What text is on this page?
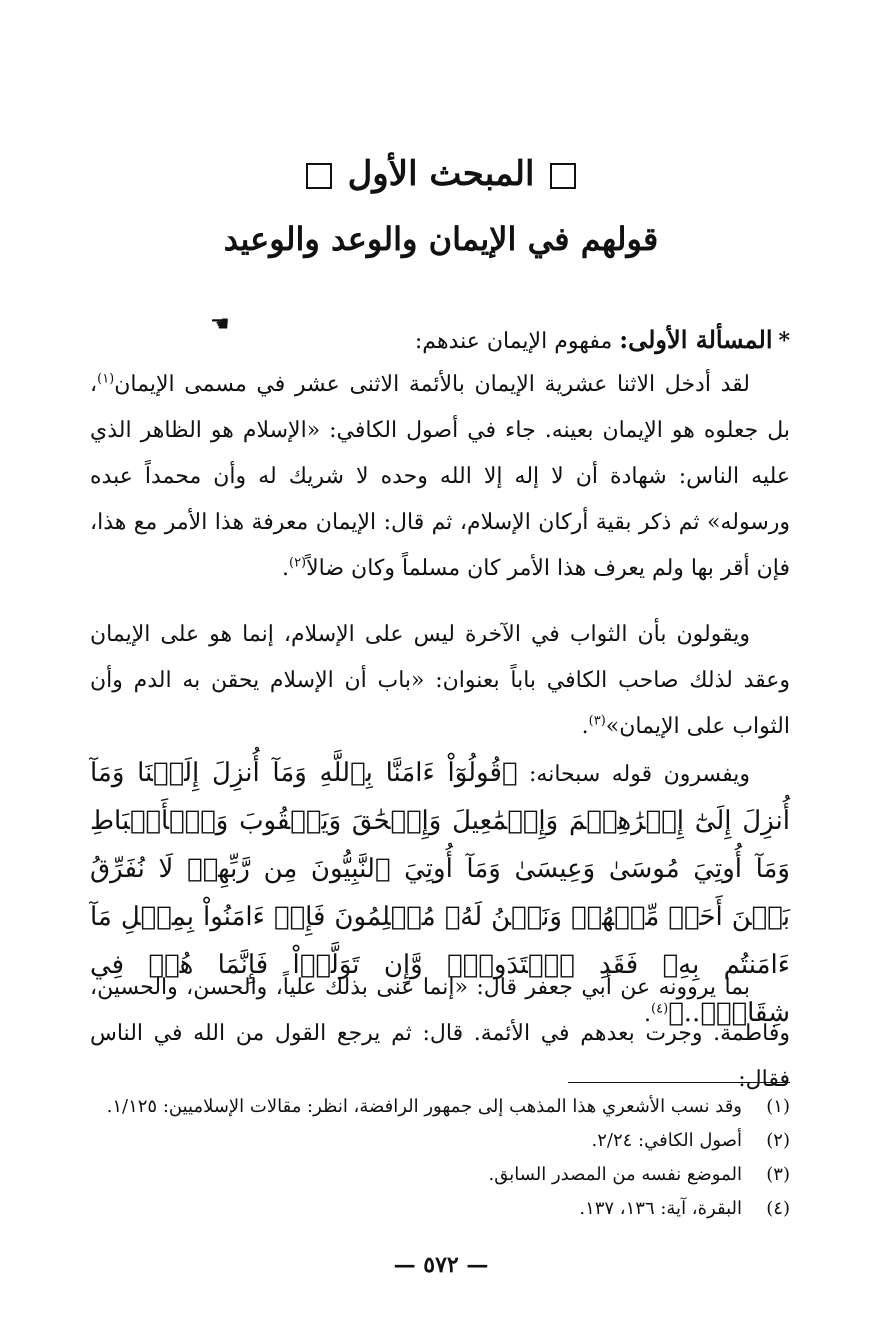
المبحث الأول
قولهم في الإيمان والوعد والوعيد
☛
*المسألة الأولى: مفهوم الإيمان عندهم:
لقد أدخل الاثنا عشرية الإيمان بالأئمة الاثنى عشر في مسمى الإيمان$^{(١)}$، بل جعلوه هو الإيمان بعينه. جاء في أصول الكافي: «الإسلام هو الظاهر الذي عليه الناس: شهادة أن لا إله إلا الله وحده لا شريك له وأن محمداً عبده ورسوله» ثم ذكر بقية أركان الإسلام، ثم قال: الإيمان معرفة هذا الأمر مع هذا، فإن أقر بها ولم يعرف هذا الأمر كان مسلماً وكان ضالاً$^{(٢)}$.
ويقولون بأن الثواب في الآخرة ليس على الإسلام، إنما هو على الإيمان وعقد لذلك صاحب الكافي باباً بعنوان: «باب أن الإسلام يحقن به الدم وأن الثواب على الإيمان»$^{(٣)}$.
ويفسرون قوله سبحانه: ﴿قُولُوٓاْ ءَامَنَّا بِٱللَّهِ وَمَآ أُنزِلَ إِلَيۡنَا وَمَآ أُنزِلَ إِلَىٰٓ إِبۡرَٰهِـۧمَ وَإِسۡمَٰعِيلَ وَإِسۡحَٰقَ وَيَعۡقُوبَ وَٱلۡأَسۡبَاطِ وَمَآ أُوتِيَ مُوسَىٰ وَعِيسَىٰ وَمَآ أُوتِيَ ٱلنَّبِيُّونَ مِن رَّبِّهِمۡ لَا نُفَرِّقُ بَيۡنَ أَحَدٖ مِّنۡهُمۡ وَنَحۡنُ لَهُۥ مُسۡلِمُونَ فَإِنۡ ءَامَنُواْ بِمِثۡلِ مَآ ءَامَنتُم بِهِۦ فَقَدِ ٱهۡتَدَواْۖ وَّإِن تَوَلَّوۡاْ فَإِنَّمَا هُمۡ فِي شِقَاقٖۖ..﴾$^{(٤)}$.
بما يروونه عن أبي جعفر قال: «إنما عنى بذلك علياً، والحسن، والحسين، وفاطمة. وجرت بعدهم في الأئمة. قال: ثم يرجع القول من الله في الناس فقال:
(١)
وقد نسب الأشعري هذا المذهب إلى جمهور الرافضة، انظر: مقالات الإسلاميين: ١/١٢٥.
(٢)
أصول الكافي: ٢/٢٤.
(٣)
الموضع نفسه من المصدر السابق.
(٤)
البقرة، آية: ١٣٦، ١٣٧.
— ٥٧٢ —
